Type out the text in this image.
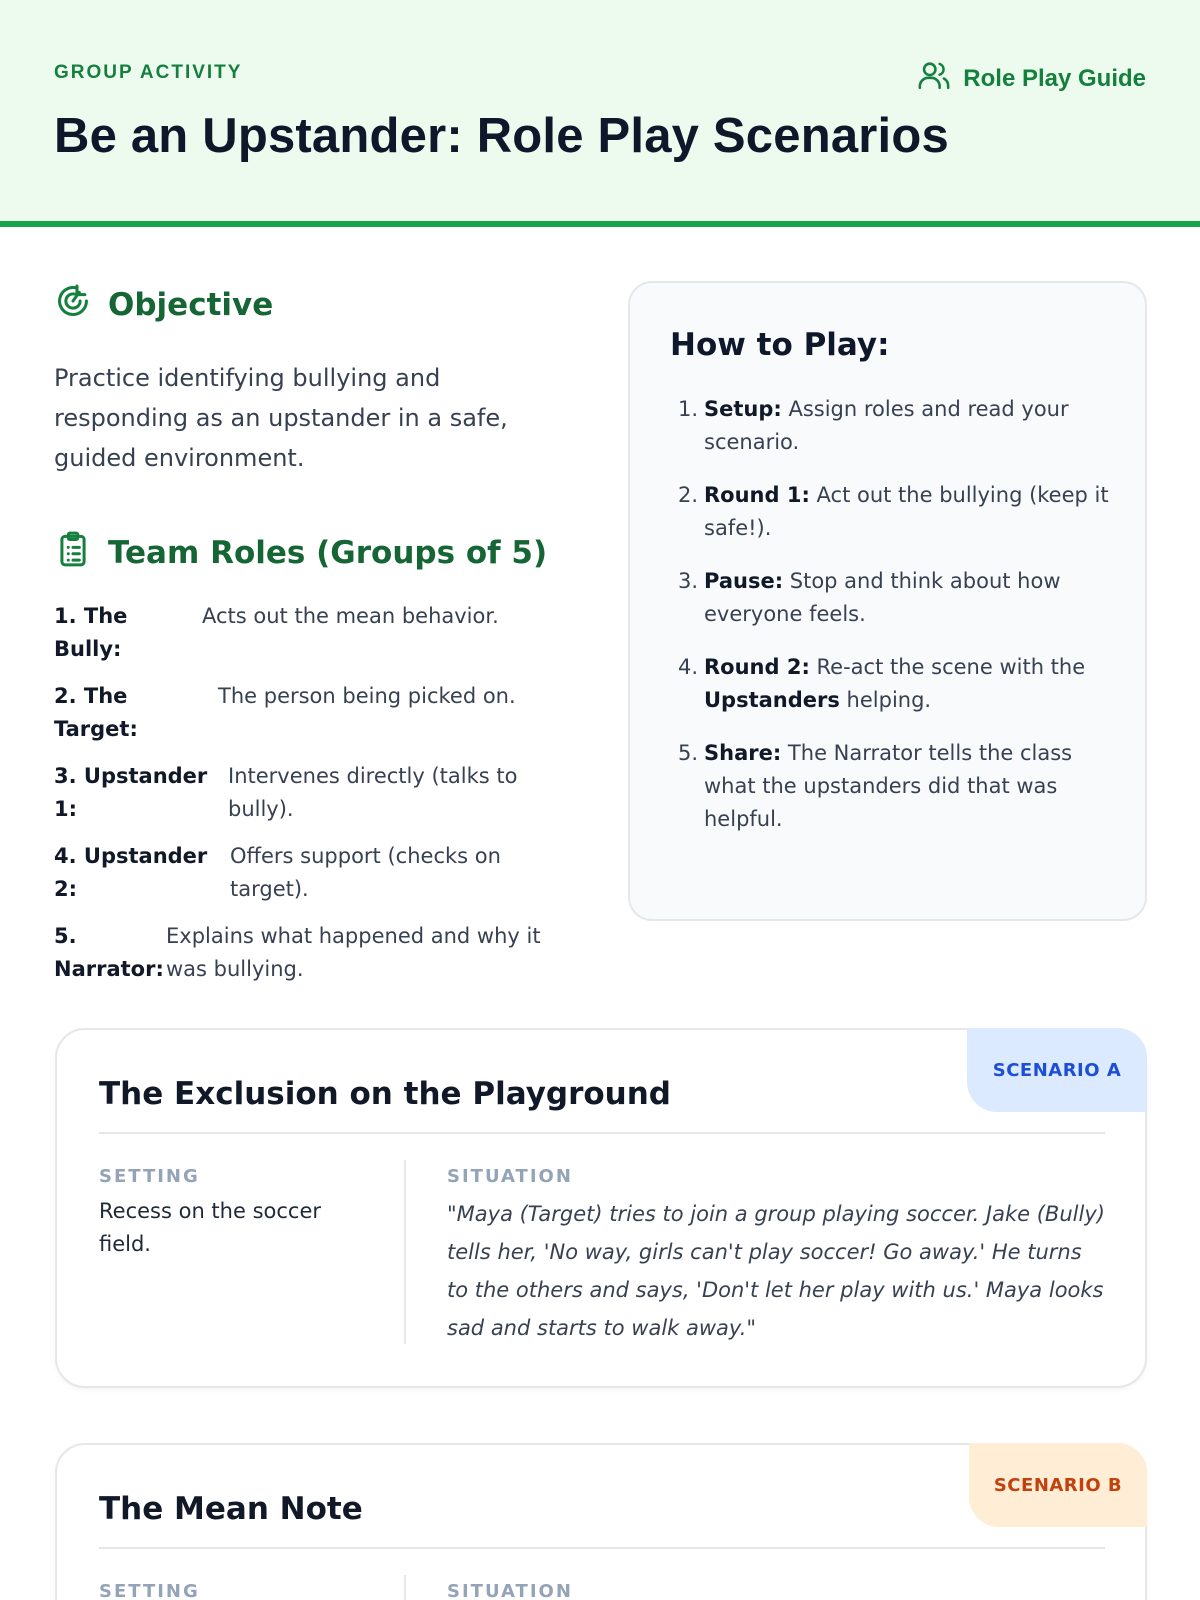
GROUP ACTIVITY	Role Play Guide
Be an Upstander: Role Play Scenarios
Objective

Practice identifying bullying and responding as an upstander in a safe, guided environment.

Team Roles (Groups of 5)
1. The Bully:
Acts out the mean behavior.
2. The Target:
The person being picked on.
3. Upstander 1:
Intervenes directly (talks to bully).
4. Upstander 2:
Offers support (checks on target).
5. Narrator:
Explains what happened and why it was bullying.
How to Play:
1. Setup: Assign roles and read your scenario.
2. Round 1: Act out the bullying (keep it safe!).
3. Pause: Stop and think about how everyone feels.
4. Round 2: Re-act the scene with the Upstanders helping.
5. Share: The Narrator tells the class what the upstanders did that was helpful.
SCENARIO A
The Exclusion on the Playground
SETTING	SITUATION
Recess on the soccer field.
"Maya (Target) tries to join a group playing soccer. Jake (Bully) tells her, 'No way, girls can't play soccer! Go away.' He turns to the others and says, 'Don't let her play with us.' Maya looks sad and starts to walk away."
SCENARIO B
The Mean Note
SETTING	SITUATION
